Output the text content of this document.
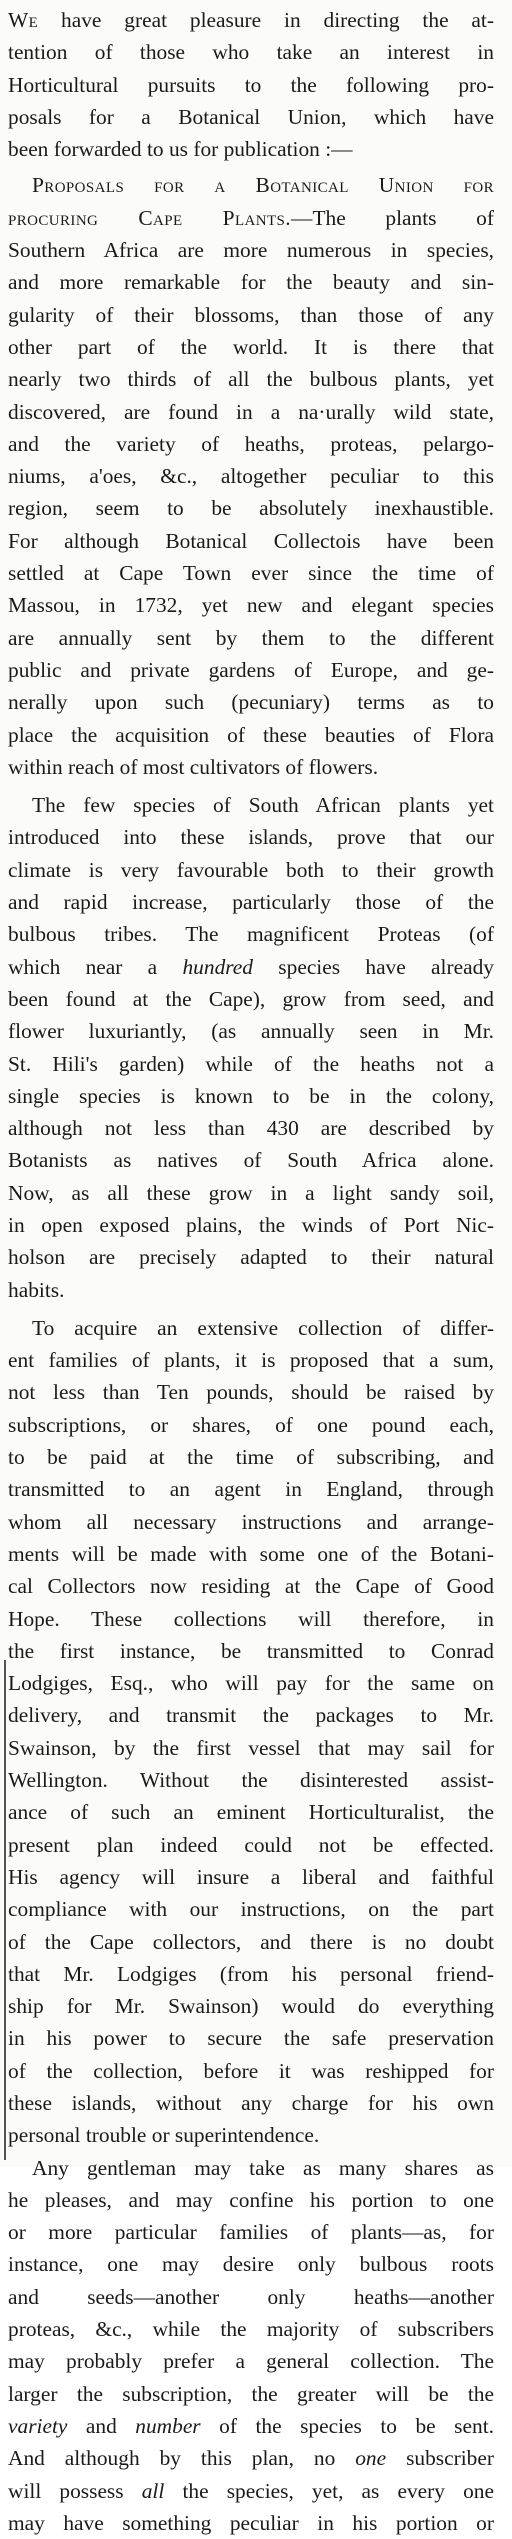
We have great pleasure in directing the at-
tention of those who take an interest in
Horticultural pursuits to the following pro-
posals for a Botanical Union, which have
been forwarded to us for publication :—

Proposals for a Botanical Union for
procuring Cape Plants.—The plants of
Southern Africa are more numerous in species,
and more remarkable for the beauty and sin-
gularity of their blossoms, than those of any
other part of the world. It is there that
nearly two thirds of all the bulbous plants, yet
discovered, are found in a na·urally wild state,
and the variety of heaths, proteas, pelargo-
niums, a'oes, &c., altogether peculiar to this
region, seem to be absolutely inexhaustible.
For although Botanical Collectois have been
settled at Cape Town ever since the time of
Massou, in 1732, yet new and elegant species
are annually sent by them to the different
public and private gardens of Europe, and ge-
nerally upon such (pecuniary) terms as to
place the acquisition of these beauties of Flora
within reach of most cultivators of flowers.

The few species of South African plants yet
introduced into these islands, prove that our
climate is very favourable both to their growth
and rapid increase, particularly those of the
bulbous tribes. The magnificent Proteas (of
which near a hundred species have already
been found at the Cape), grow from seed, and
flower luxuriantly, (as annually seen in Mr.
St. Hili's garden) while of the heaths not a
single species is known to be in the colony,
although not less than 430 are described by
Botanists as natives of South Africa alone.
Now, as all these grow in a light sandy soil,
in open exposed plains, the winds of Port Nic-
holson are precisely adapted to their natural
habits.

To acquire an extensive collection of differ-
ent families of plants, it is proposed that a sum,
not less than Ten pounds, should be raised by
subscriptions, or shares, of one pound each,
to be paid at the time of subscribing, and
transmitted to an agent in England, through
whom all necessary instructions and arrange-
ments will be made with some one of the Botani-
cal Collectors now residing at the Cape of Good
Hope. These collections will therefore, in
the first instance, be transmitted to Conrad
Lodgiges, Esq., who will pay for the same on
delivery, and transmit the packages to Mr.
Swainson, by the first vessel that may sail for
Wellington. Without the disinterested assist-
ance of such an eminent Horticulturalist, the
present plan indeed could not be effected.
His agency will insure a liberal and faithful
compliance with our instructions, on the part
of the Cape collectors, and there is no doubt
that Mr. Lodgiges (from his personal friend-
ship for Mr. Swainson) would do everything
in his power to secure the safe preservation
of the collection, before it was reshipped for
these islands, without any charge for his own
personal trouble or superintendence.

Any gentleman may take as many shares as
he pleases, and may confine his portion to one
or more particular families of plants—as, for
instance, one may desire only bulbous roots
and seeds—another only heaths—another
proteas, &c., while the majority of subscribers
may probably prefer a general collection. The
larger the subscription, the greater will be the
variety and number of the species to be sent.
And although by this plan, no one subscriber
will possess all the species, yet, as every one
may have something peculiar in his portion or
